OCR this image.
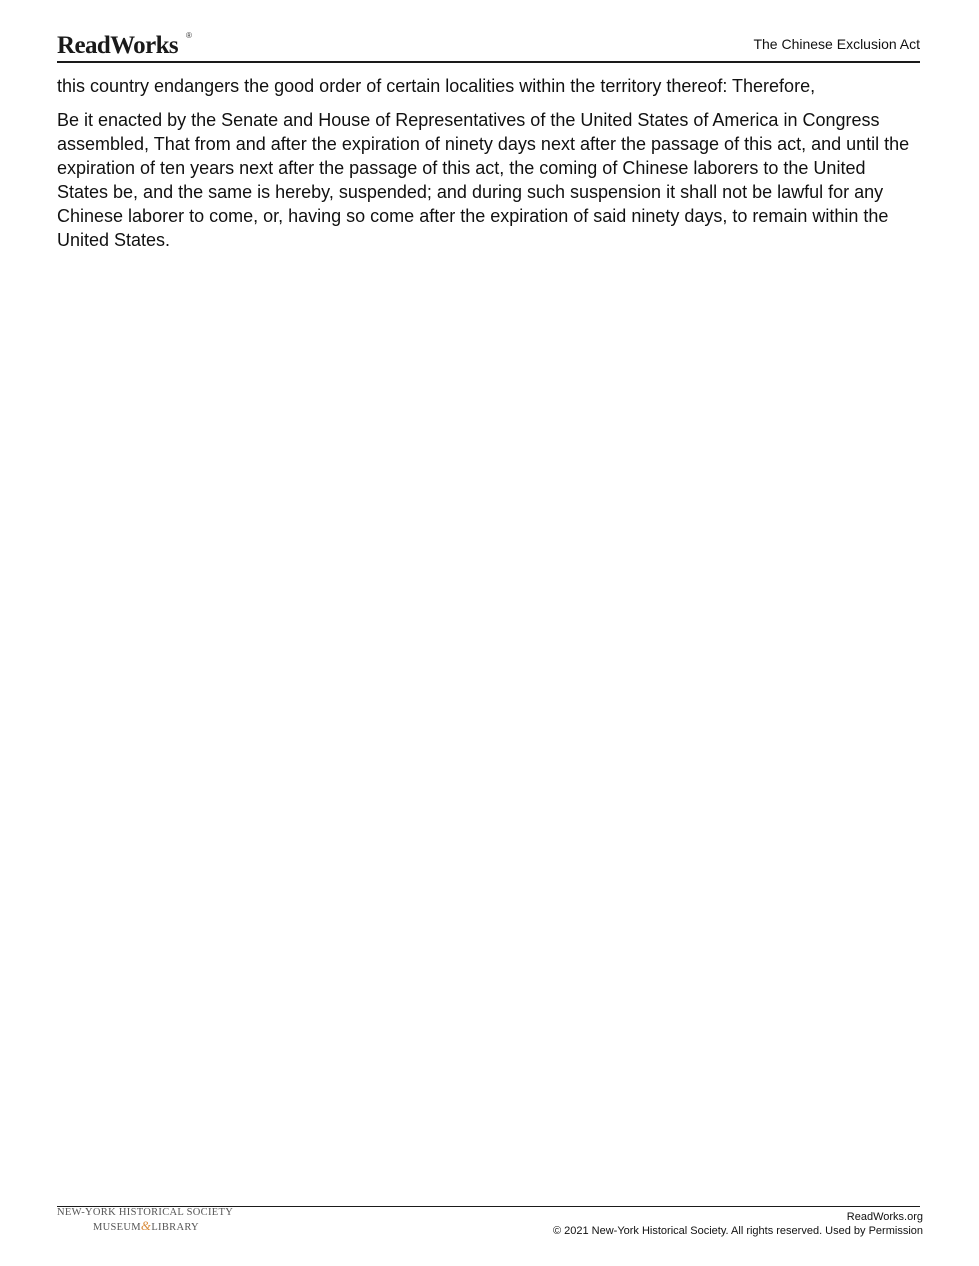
ReadWorks ®
The Chinese Exclusion Act

this country endangers the good order of certain localities within the territory thereof: Therefore,

Be it enacted by the Senate and House of Representatives of the United States of America in Congress assembled, That from and after the expiration of ninety days next after the passage of this act, and until the expiration of ten years next after the passage of this act, the coming of Chinese laborers to the United States be, and the same is hereby, suspended; and during such suspension it shall not be lawful for any Chinese laborer to come, or, having so come after the expiration of said ninety days, to remain within the United States.

NEW-YORK HISTORICAL SOCIETY
MUSEUM&LIBRARY
ReadWorks.org
© 2021 New-York Historical Society. All rights reserved. Used by Permission
